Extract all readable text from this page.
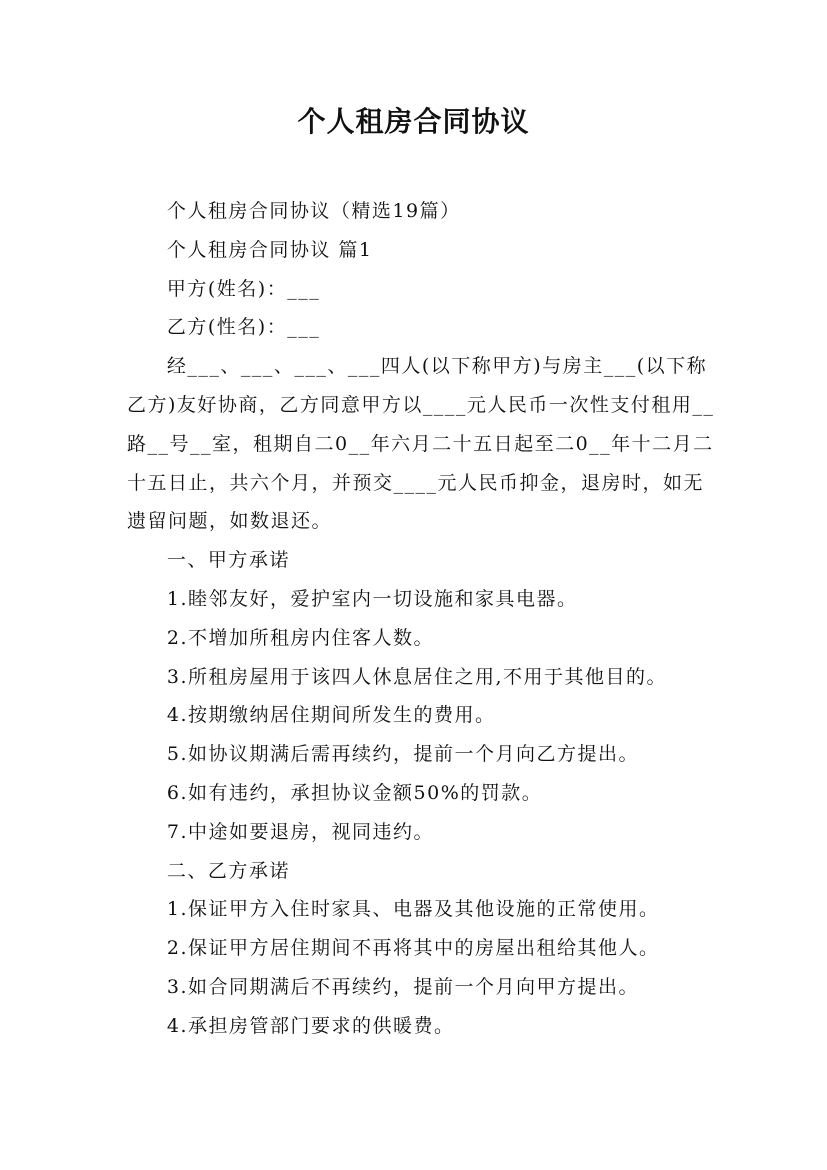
个人租房合同协议

个人租房合同协议（精选19篇）

个人租房合同协议 篇1

甲方(姓名)：___

乙方(性名)：___

经___、___、___、___四人(以下称甲方)与房主___(以下称乙方)友好协商，乙方同意甲方以____元人民币一次性支付租用__路__号__室，租期自二0__年六月二十五日起至二0__年十二月二十五日止，共六个月，并预交____元人民币抑金，退房时，如无遗留问题，如数退还。

一、甲方承诺

1.睦邻友好，爱护室内一切设施和家具电器。

2.不增加所租房内住客人数。

3.所租房屋用于该四人休息居住之用,不用于其他目的。

4.按期缴纳居住期间所发生的费用。

5.如协议期满后需再续约，提前一个月向乙方提出。

6.如有违约，承担协议金额50%的罚款。

7.中途如要退房，视同违约。

二、乙方承诺

1.保证甲方入住时家具、电器及其他设施的正常使用。

2.保证甲方居住期间不再将其中的房屋出租给其他人。

3.如合同期满后不再续约，提前一个月向甲方提出。

4.承担房管部门要求的供暖费。
